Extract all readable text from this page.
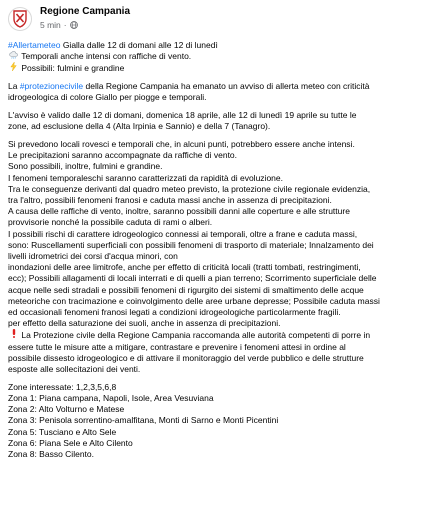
Regione Campania
5 min ·
#Allertameteo Gialla dalle 12 di domani alle 12 di lunedì
Temporali anche intensi con raffiche di vento.
Possibili: fulmini e grandine
La #protezionecivile della Regione Campania ha emanato un avviso di allerta meteo con criticità
idrogeologica di colore Giallo per piogge e temporali.
L'avviso è valido dalle 12 di domani, domenica 18 aprile, alle 12 di lunedì 19 aprile su tutte le
zone, ad esclusione della 4 (Alta Irpinia e Sannio) e della 7 (Tanagro).
Si prevedono locali rovesci e temporali che, in alcuni punti, potrebbero essere anche intensi.
Le precipitazioni saranno accompagnate da raffiche di vento.
Sono possibili, inoltre, fulmini e grandine.
I fenomeni temporaleschi saranno caratterizzati da rapidità di evoluzione.
Tra le conseguenze derivanti dal quadro meteo previsto, la protezione civile regionale evidenzia,
tra l'altro, possibili fenomeni franosi e caduta massi anche in assenza di precipitazioni.
A causa delle raffiche di vento, inoltre, saranno possibili danni alle coperture e alle strutture
provvisorie nonché la possibile caduta di rami o alberi.
I possibili rischi di carattere idrogeologico connessi ai temporali, oltre a frane e caduta massi,
sono: Ruscellamenti superficiali con possibili fenomeni di trasporto di materiale; Innalzamento dei
livelli idrometrici dei corsi d'acqua minori, con
inondazioni delle aree limitrofe, anche per effetto di criticità locali (tratti tombati, restringimenti,
ecc); Possibili allagamenti di locali interrati e di quelli a pian terreno; Scorrimento superficiale delle
acque nelle sedi stradali e possibili fenomeni di rigurgito dei sistemi di smaltimento delle acque
meteoriche con tracimazione e coinvolgimento delle aree urbane depresse; Possibile caduta massi
ed occasionali fenomeni franosi legati a condizioni idrogeologiche particolarmente fragili.
per effetto della saturazione dei suoli, anche in assenza di precipitazioni.
La Protezione civile della Regione Campania raccomanda alle autorità competenti di porre in
essere tutte le misure atte a mitigare, contrastare e prevenire i fenomeni attesi in ordine al
possibile dissesto idrogeologico e di attivare il monitoraggio del verde pubblico e delle strutture
esposte alle sollecitazioni dei venti.
Zone interessate: 1,2,3,5,6,8
Zona 1: Piana campana, Napoli, Isole, Area Vesuviana
Zona 2: Alto Volturno e Matese
Zona 3: Penisola sorrentino-amalfitana, Monti di Sarno e Monti Picentini
Zona 5: Tusciano e Alto Sele
Zona 6: Piana Sele e Alto Cilento
Zona 8: Basso Cilento.
